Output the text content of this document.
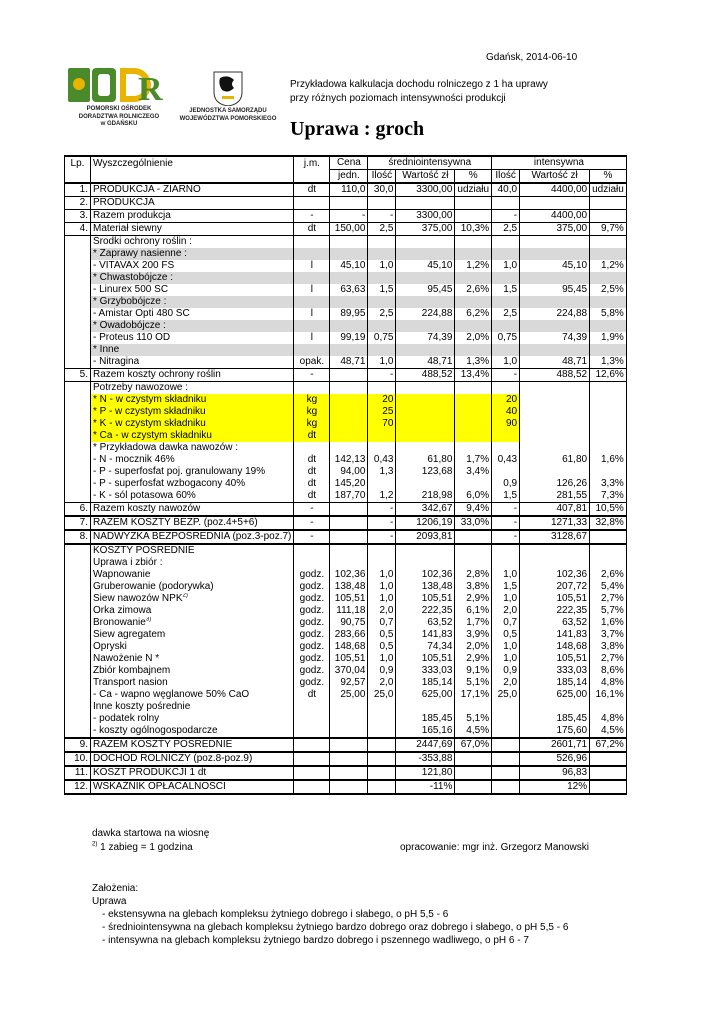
Gdańsk, 2014-06-10
R
POMORSKI OŚRODEK
DORADZTWA ROLNICZEGO
w GDAŃSKU
JEDNOSTKA SAMORZĄDU
WOJEWÓDZTWA POMORSKIEGO
Przykładowa kalkulacja dochodu rolniczego z 1 ha uprawy
przy różnych poziomach intensywności produkcji
Uprawa : groch
Lp.	Wyszczególnienie	j.m.	Cena	średniointensywna			intensywna		
			jedn.	Ilość	Wartość zł	%	Ilość	Wartość zł	%
1.	PRODUKCJA - ZIARNO	dt	110,0	30,0	3300,00	udziału	40,0	4400,00	udziału
2.	PRODUKCJA								
3.	Razem produkcja	-	-	-	3300,00		-	4400,00	
4.	Materiał siewny	dt	150,00	2,5	375,00	10,3%	2,5	375,00	9,7%
	Środki ochrony roślin :								
	* Zaprawy nasienne :								
	- VITAVAX 200 FS	l	45,10	1,0	45,10	1,2%	1,0	45,10	1,2%
	* Chwastobójcze :								
	- Linurex 500 SC	l	63,63	1,5	95,45	2,6%	1,5	95,45	2,5%
	* Grzybobójcze :								
	- Amistar Opti 480 SC	l	89,95	2,5	224,88	6,2%	2,5	224,88	5,8%
	* Owadobójcze :								
	- Proteus 110 OD	l	99,19	0,75	74,39	2,0%	0,75	74,39	1,9%
	* Inne								
	- Nitragina	opak.	48,71	1,0	48,71	1,3%	1,0	48,71	1,3%
5.	Razem koszty ochrony roślin	-		-	488,52	13,4%	-	488,52	12,6%
	Potrzeby nawozowe :								
	* N - w czystym składniku	kg		20			20		
	* P - w czystym składniku	kg		25			40		
	* K - w czystym składniku	kg		70			90		
	* Ca - w czystym składniku	dt							
	* Przykładowa dawka nawozów :								
	- N - mocznik 46%	dt	142,13	0,43	61,80	1,7%	0,43	61,80	1,6%
	- P - superfosfat poj. granulowany 19%	dt	94,00	1,3	123,68	3,4%			
	- P - superfosfat wzbogacony 40%	dt	145,20				0,9	126,26	3,3%
	- K - sól potasowa 60%	dt	187,70	1,2	218,98	6,0%	1,5	281,55	7,3%
6.	Razem koszty nawozów	-		-	342,67	9,4%	-	407,81	10,5%
7.	RAZEM KOSZTY BEZP. (poz.4+5+6)	-		-	1206,19	33,0%	-	1271,33	32,8%
8.	NADWYŻKA BEZPOŚREDNIA (poz.3-poz.7)	-		-	2093,81		-	3128,67	
	KOSZTY POŚREDNIE								
	Uprawa i zbiór :								
	Wapnowanie	godz.	102,36	1,0	102,36	2,8%	1,0	102,36	2,6%
	Gruberowanie (podorywka)	godz.	138,48	1,0	138,48	3,8%	1,5	207,72	5,4%
	Siew nawozów NPK$^{2)}$	godz.	105,51	1,0	105,51	2,9%	1,0	105,51	2,7%
	Orka zimowa	godz.	111,18	2,0	222,35	6,1%	2,0	222,35	5,7%
	Bronowanie$^{3)}$	godz.	90,75	0,7	63,52	1,7%	0,7	63,52	1,6%
	Siew agregatem	godz.	283,66	0,5	141,83	3,9%	0,5	141,83	3,7%
	Opryski	godz.	148,68	0,5	74,34	2,0%	1,0	148,68	3,8%
	Nawożenie N *	godz.	105,51	1,0	105,51	2,9%	1,0	105,51	2,7%
	Zbiór kombajnem	godz.	370,04	0,9	333,03	9,1%	0,9	333,03	8,6%
	Transport nasion	godz.	92,57	2,0	185,14	5,1%	2,0	185,14	4,8%
	- Ca - wapno węglanowe 50% CaO	dt	25,00	25,0	625,00	17,1%	25,0	625,00	16,1%
	Inne koszty pośrednie								
	- podatek rolny				185,45	5,1%		185,45	4,8%
	- koszty ogólnogospodarcze				165,16	4,5%		175,60	4,5%
9.	RAZEM KOSZTY POŚREDNIE				2447,69	67,0%		2601,71	67,2%
10.	DOCHÓD ROLNICZY (poz.8-poz.9)				-353,88			526,96	
11.	KOSZT PRODUKCJI 1 dt				121,80			96,83	
12.	WSKAŹNIK OPŁACALNOŚCI				-11%			12%	
dawka startowa na wiosnę
$^{2)}$ 1 zabieg = 1 godzina	opracowanie: mgr inż. Grzegorz Manowski
Założenia:
Uprawa
- ekstensywna na glebach kompleksu żytniego dobrego i słabego, o pH 5,5 - 6
- średniointensywna na glebach kompleksu żytniego bardzo dobrego oraz dobrego i słabego, o pH 5,5 - 6
- intensywna na glebach kompleksu żytniego bardzo dobrego i pszennego wadliwego, o pH 6 - 7
